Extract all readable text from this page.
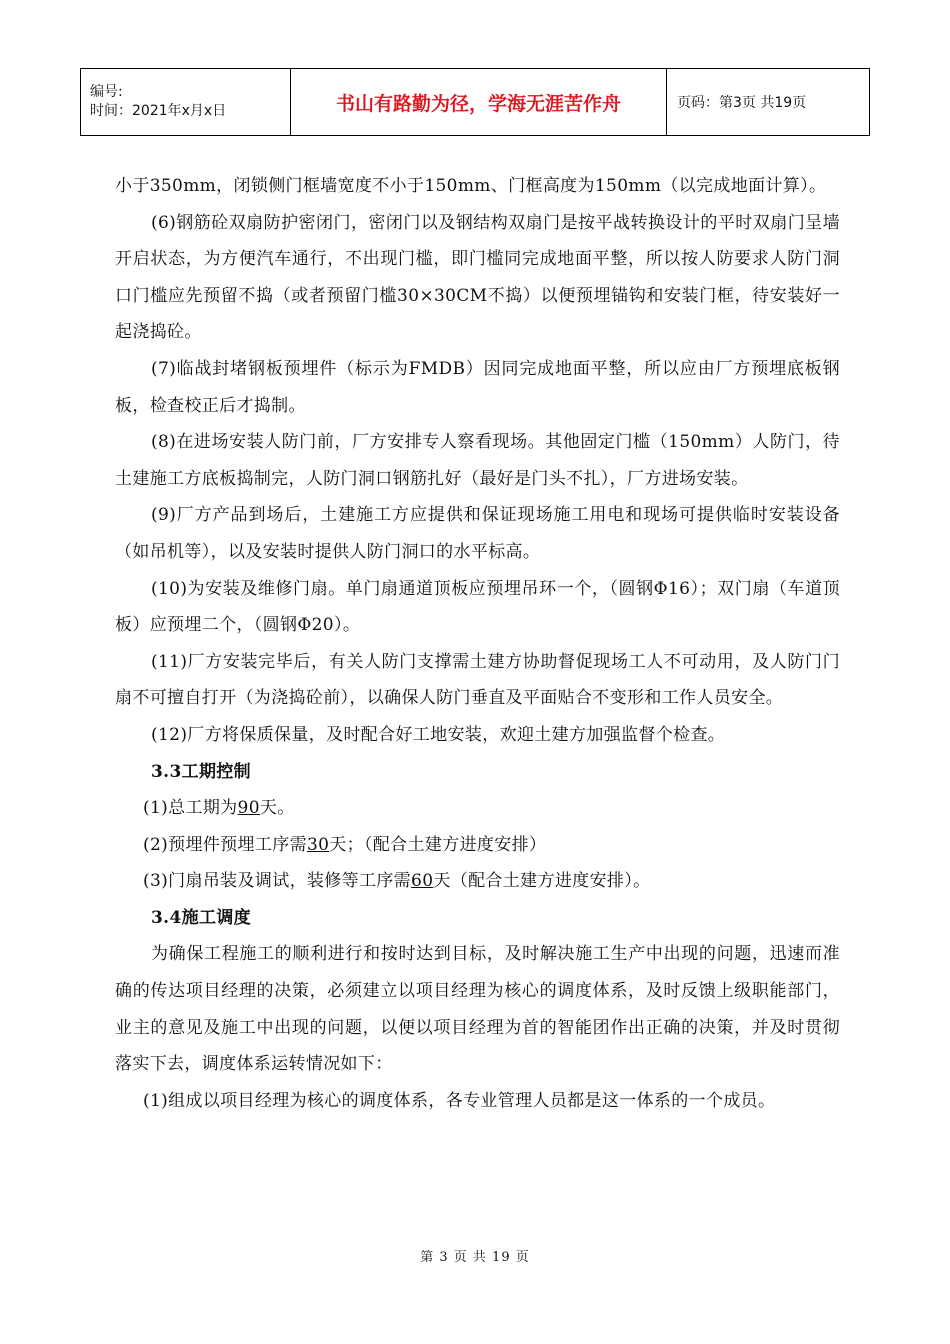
编号:
时间：2021年x月x日	书山有路勤为径，学海无涯苦作舟	页码：第3页 共19页

小于350mm，闭锁侧门框墙宽度不小于150mm、门框高度为150mm（以完成地面计算）。

(6)钢筋砼双扇防护密闭门，密闭门以及钢结构双扇门是按平战转换设计的平时双扇门呈墙开启状态，为方便汽车通行，不出现门槛，即门槛同完成地面平整，所以按人防要求人防门洞口门槛应先预留不捣（或者预留门槛30×30CM不捣）以便预埋锚钩和安装门框，待安装好一起浇捣砼。

(7)临战封堵钢板预埋件（标示为FMDB）因同完成地面平整，所以应由厂方预埋底板钢板，检查校正后才捣制。

(8)在进场安装人防门前，厂方安排专人察看现场。其他固定门槛（150mm）人防门，待土建施工方底板捣制完，人防门洞口钢筋扎好（最好是门头不扎），厂方进场安装。

(9)厂方产品到场后，土建施工方应提供和保证现场施工用电和现场可提供临时安装设备（如吊机等），以及安装时提供人防门洞口的水平标高。

(10)为安装及维修门扇。单门扇通道顶板应预埋吊环一个，（圆钢Φ16）；双门扇（车道顶板）应预埋二个，（圆钢Φ20）。

(11)厂方安装完毕后，有关人防门支撑需土建方协助督促现场工人不可动用，及人防门门扇不可擅自打开（为浇捣砼前），以确保人防门垂直及平面贴合不变形和工作人员安全。

(12)厂方将保质保量，及时配合好工地安装，欢迎土建方加强监督个检查。

3.3工期控制

(1)总工期为90天。

(2)预埋件预埋工序需30天；（配合土建方进度安排）

(3)门扇吊装及调试，装修等工序需60天（配合土建方进度安排）。

3.4施工调度

为确保工程施工的顺利进行和按时达到目标，及时解决施工生产中出现的问题，迅速而准确的传达项目经理的决策，必须建立以项目经理为核心的调度体系，及时反馈上级职能部门，业主的意见及施工中出现的问题，以便以项目经理为首的智能团作出正确的决策，并及时贯彻落实下去，调度体系运转情况如下：

(1)组成以项目经理为核心的调度体系，各专业管理人员都是这一体系的一个成员。

第 3 页 共 19 页
